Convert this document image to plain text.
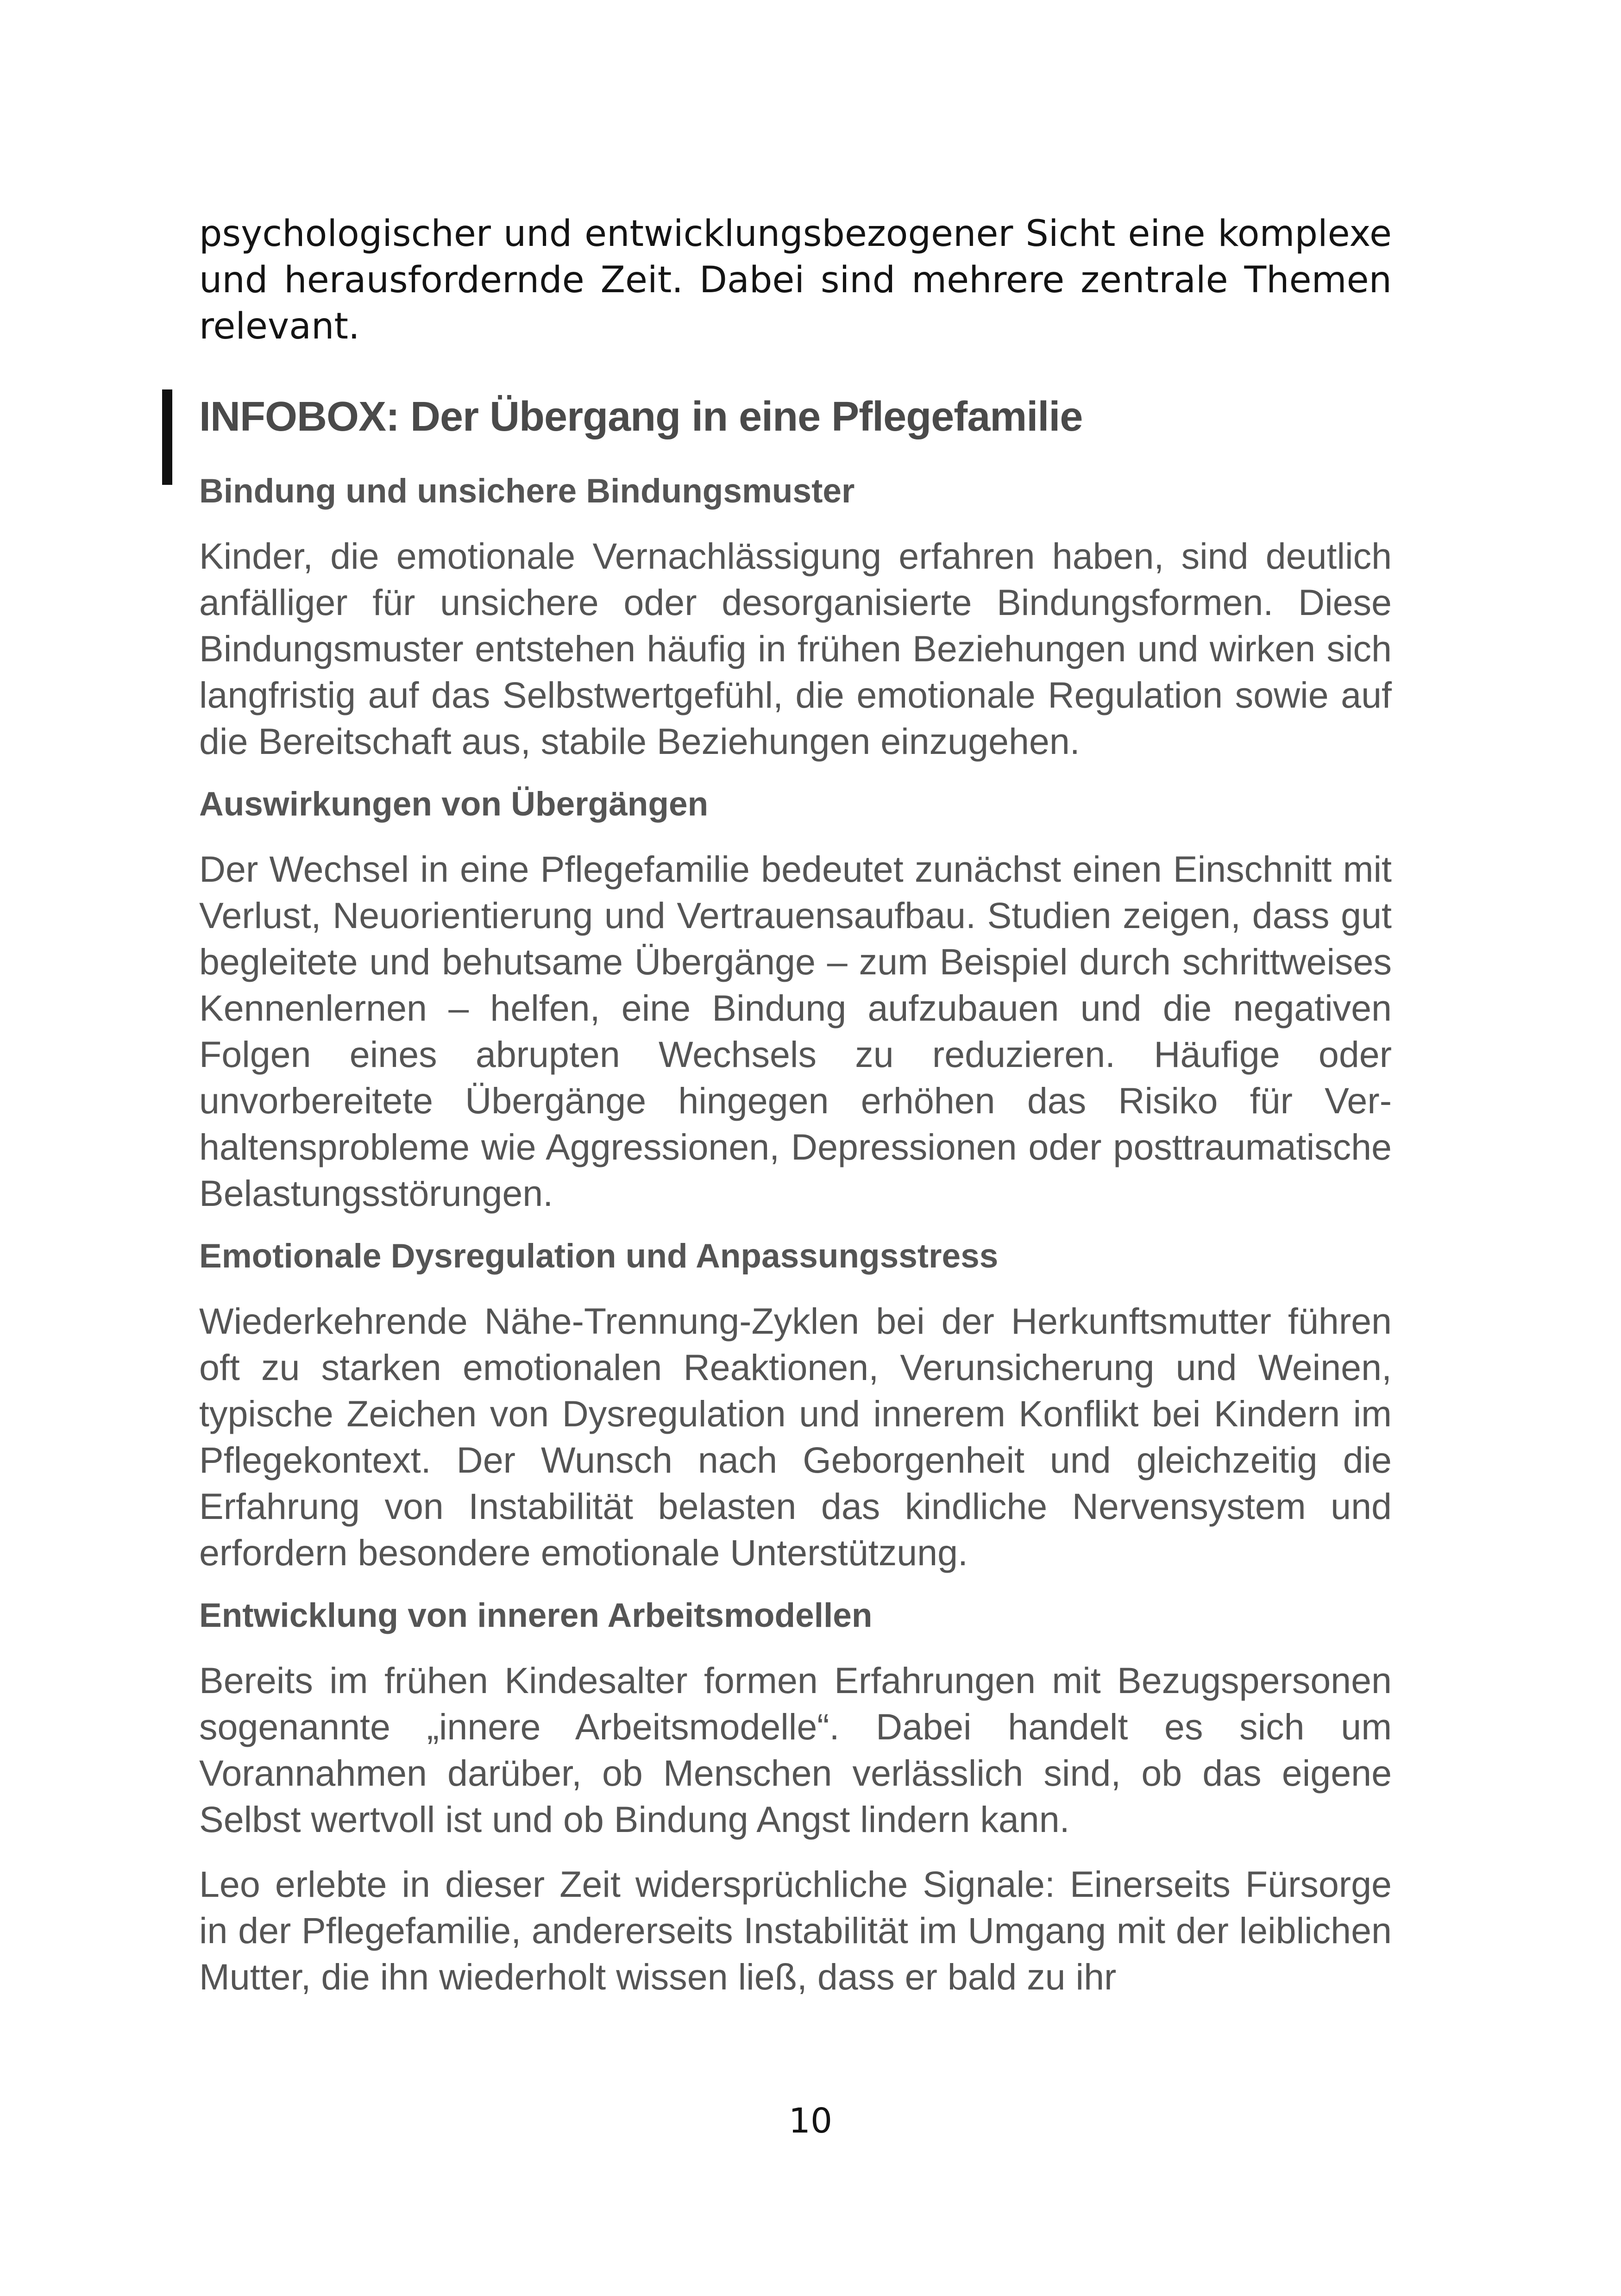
psychologischer und entwicklungsbezogener Sicht eine komplexe und herausfordernde Zeit. Dabei sind mehrere zentrale Themen relevant.

INFOBOX: Der Übergang in eine Pflegefamilie
Bindung und unsichere Bindungsmuster

Kinder, die emotionale Vernachlässigung erfahren haben, sind deutlich anfälliger für unsichere oder desorganisierte Bindungsformen. Diese Bindungsmuster entstehen häufig in frühen Beziehungen und wirken sich langfristig auf das Selbstwertgefühl, die emotionale Regulation sowie auf die Bereitschaft aus, stabile Beziehungen einzugehen.

Auswirkungen von Übergängen

Der Wechsel in eine Pflegefamilie bedeutet zunächst einen Einschnitt mit Verlust, Neuorientierung und Vertrauensaufbau. Studien zeigen, dass gut begleitete und behutsame Übergänge – zum Beispiel durch schrittweises Kennenlernen – helfen, eine Bindung aufzubauen und die negativen Folgen eines abrupten Wechsels zu reduzieren. Häufige oder unvorbereitete Übergänge hingegen erhöhen das Risiko für Verhaltensprobleme wie Aggressionen, Depressionen oder posttraumatische Belastungsstörungen.

Emotionale Dysregulation und Anpassungsstress

Wiederkehrende Nähe-Trennung-Zyklen bei der Herkunftsmutter führen oft zu starken emotionalen Reaktionen, Verunsicherung und Weinen, typische Zeichen von Dysregulation und innerem Konflikt bei Kindern im Pflegekontext. Der Wunsch nach Geborgenheit und gleichzeitig die Erfahrung von Instabilität belasten das kindliche Nervensystem und erfordern besondere emotionale Unterstützung.

Entwicklung von inneren Arbeitsmodellen

Bereits im frühen Kindesalter formen Erfahrungen mit Bezugspersonen sogenannte „innere Arbeitsmodelle“. Dabei handelt es sich um Vorannahmen darüber, ob Menschen verlässlich sind, ob das eigene Selbst wertvoll ist und ob Bindung Angst lindern kann.

Leo erlebte in dieser Zeit widersprüchliche Signale: Einerseits Fürsorge in der Pflegefamilie, andererseits Instabilität im Umgang mit der leiblichen Mutter, die ihn wiederholt wissen ließ, dass er bald zu ihr

10
